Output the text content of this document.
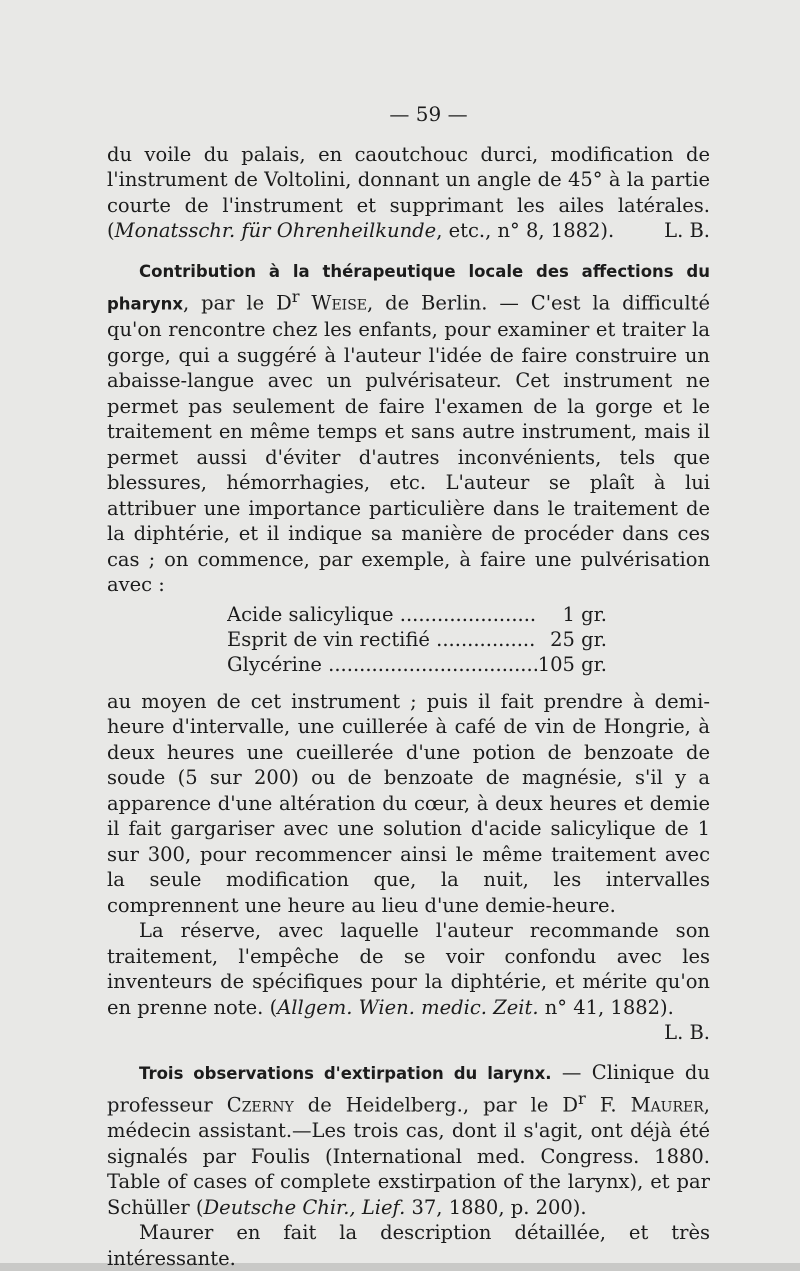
— 59 —

du voile du palais, en caoutchouc durci, modification de l'instrument de Voltolini, donnant un angle de 45° à la partie courte de l'instrument et supprimant les ailes latérales. (Monatsschr. für Ohrenheilkunde, etc., n° 8, 1882).	L. B.

Contribution à la thérapeutique locale des affections du pharynx, par le $D^r$ Weise, de Berlin. — C'est la difficulté qu'on rencontre chez les enfants, pour examiner et traiter la gorge, qui a suggéré à l'auteur l'idée de faire construire un abaisse-langue avec un pulvérisateur. Cet instrument ne permet pas seulement de faire l'examen de la gorge et le traitement en même temps et sans autre instrument, mais il permet aussi d'éviter d'autres inconvénients, tels que blessures, hémorrhagies, etc. L'auteur se plaît à lui attribuer une importance particulière dans le traitement de la diphtérie, et il indique sa manière de procéder dans ces cas ; on commence, par exemple, à faire une pulvérisation avec :

Acide salicylique .....	1 gr.
Esprit de vin rectifié .....	25 gr.
Glycérine .....	105 gr.

au moyen de cet instrument ; puis il fait prendre à demi-heure d'intervalle, une cuillerée à café de vin de Hongrie, à deux heures une cueillerée d'une potion de benzoate de soude (5 sur 200) ou de benzoate de magnésie, s'il y a apparence d'une altération du cœur, à deux heures et demie il fait gargariser avec une solution d'acide salicylique de 1 sur 300, pour recommencer ainsi le même traitement avec la seule modification que, la nuit, les intervalles comprennent une heure au lieu d'une demie-heure.

La réserve, avec laquelle l'auteur recommande son traitement, l'empêche de se voir confondu avec les inventeurs de spécifiques pour la diphtérie, et mérite qu'on en prenne note. (Allgem. Wien. medic. Zeit. n° 41, 1882).
L. B.

Trois observations d'extirpation du larynx. — Clinique du professeur Czerny de Heidelberg., par le $D^r$ F. Maurer, médecin assistant.—Les trois cas, dont il s'agit, ont déjà été signalés par Foulis (International med. Congress. 1880. Table of cases of complete exstirpation of the larynx), et par Schüller (Deutsche Chir., Lief. 37, 1880, p. 200).

Maurer en fait la description détaillée, et très intéressante.
